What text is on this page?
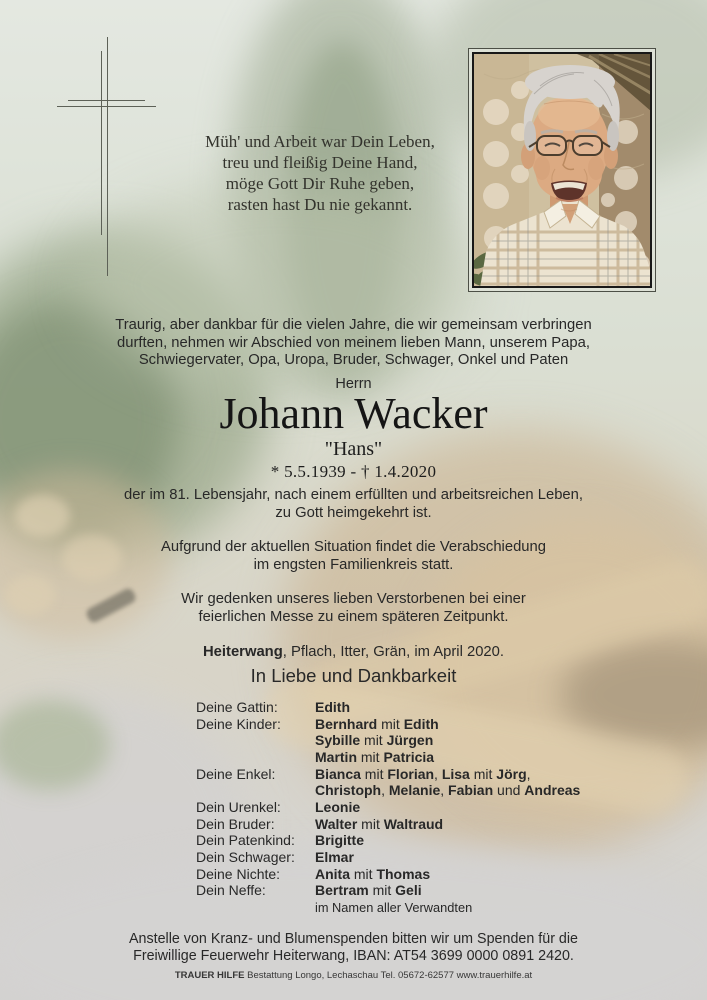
Müh' und Arbeit war Dein Leben,
treu und fleißig Deine Hand,
möge Gott Dir Ruhe geben,
rasten hast Du nie gekannt.
Traurig, aber dankbar für die vielen Jahre, die wir gemeinsam verbringen
durften, nehmen wir Abschied von meinem lieben Mann, unserem Papa,
Schwiegervater, Opa, Uropa, Bruder, Schwager, Onkel und Paten
Herrn
Johann Wacker
"Hans"
* 5.5.1939 - † 1.4.2020
der im 81. Lebensjahr, nach einem erfüllten und arbeitsreichen Leben,
zu Gott heimgekehrt ist.
Aufgrund der aktuellen Situation findet die Verabschiedung
im engsten Familienkreis statt.
Wir gedenken unseres lieben Verstorbenen bei einer
feierlichen Messe zu einem späteren Zeitpunkt.
Heiterwang, Pflach, Itter, Grän, im April 2020.
In Liebe und Dankbarkeit
Deine Gattin:	Edith
Deine Kinder:	Bernhard mit Edith
Sybille mit Jürgen
Martin mit Patricia
Deine Enkel:	Bianca mit Florian, Lisa mit Jörg,
Christoph, Melanie, Fabian und Andreas
Dein Urenkel:	Leonie
Dein Bruder:	Walter mit Waltraud
Dein Patenkind:	Brigitte
Dein Schwager:	Elmar
Deine Nichte:	Anita mit Thomas
Dein Neffe:	Bertram mit Geli
im Namen aller Verwandten
Anstelle von Kranz- und Blumenspenden bitten wir um Spenden für die
Freiwillige Feuerwehr Heiterwang, IBAN: AT54 3699 0000 0891 2420.
TRAUER HILFE Bestattung Longo, Lechaschau Tel. 05672-62577 www.trauerhilfe.at
